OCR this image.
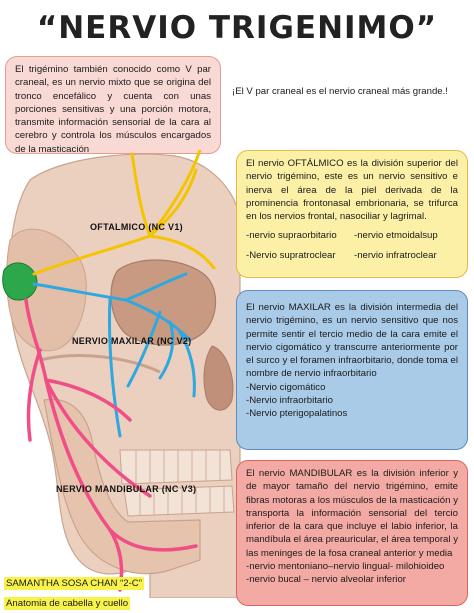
“NERVIO TRIGENIMO”

El trigémino también conocido como V par craneal, es un nervio mixto que se origina del tronco encefálico y cuenta con unas porciones sensitivas y una porción motora, transmite información sensorial de la cara al cerebro y controla los músculos encargados de la masticación

¡El V par craneal es el nervio craneal más grande.!
OFTALMICO (NC V1)
NERVIO MAXILAR (NC V2)
NERVIO MANDIBULAR (NC V3)

El nervio OFTÁLMICO es la división superior del nervio trigémino, este es un nervio sensitivo e inerva el área de la piel derivada de la prominencia frontonasal embrionaria, se trifurca en los nervios frontal, nasociliar y lagrimal.

-nervio supraorbitario -nervio etmoidalsup
-Nervio supratroclear -nervio infratroclear

El nervio MAXILAR es la división intermedia del nervio trigémino, es un nervio sensitivo que nos permite sentir el tercio medio de la cara emite el nervio cigomático y transcurre anteriormente por el surco y el foramen infraorbitario, donde toma el nombre de nervio infraorbitario

-Nervio cigomático

-Nervio infraorbitario

-Nervio pterigopalatinos

El nervio MANDIBULAR es la división inferior y de mayor tamaño del nervio trigémino, emite fibras motoras a los músculos de la masticación y transporta la información sensorial del tercio inferior de la cara que incluye el labio inferior, la mandíbula el área preauricular, el área temporal y las meninges de la fosa craneal anterior y media

-nervio mentoniano–nervio lingual- milohioideo

-nervio bucal – nervio alveolar inferior

SAMANTHA SOSA CHAN “2-C”
Anatomia de cabella y cuello
